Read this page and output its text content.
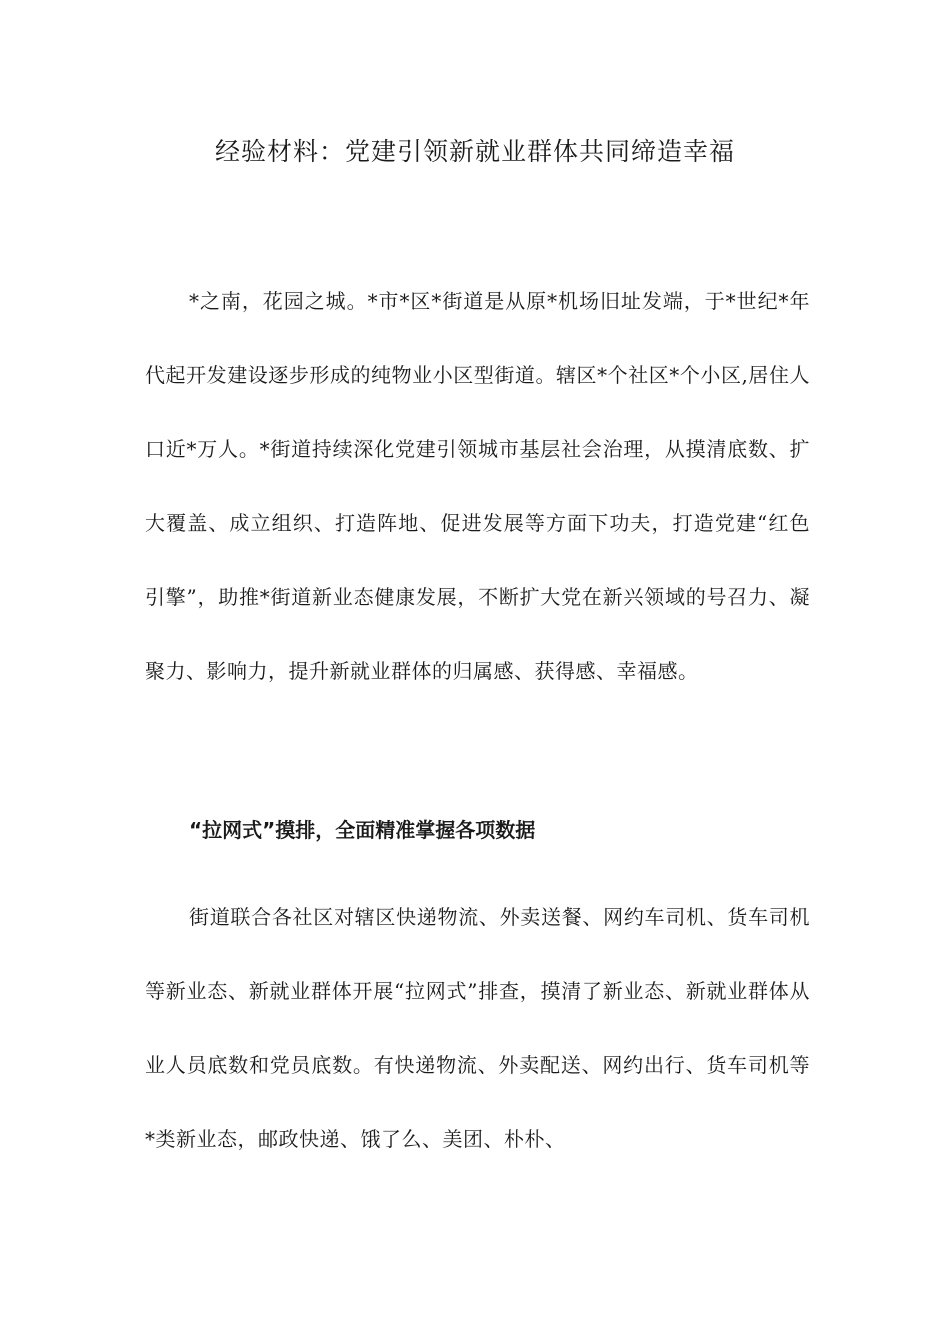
经验材料：党建引领新就业群体共同缔造幸福

*之南，花园之城。*市*区*街道是从原*机场旧址发端，于*世纪*年代起开发建设逐步形成的纯物业小区型街道。辖区*个社区*个小区,居住人口近*万人。*街道持续深化党建引领城市基层社会治理，从摸清底数、扩大覆盖、成立组织、打造阵地、促进发展等方面下功夫，打造党建“红色引擎”，助推*街道新业态健康发展，不断扩大党在新兴领域的号召力、凝聚力、影响力，提升新就业群体的归属感、获得感、幸福感。

“拉网式”摸排，全面精准掌握各项数据

街道联合各社区对辖区快递物流、外卖送餐、网约车司机、货车司机等新业态、新就业群体开展“拉网式”排查，摸清了新业态、新就业群体从业人员底数和党员底数。有快递物流、外卖配送、网约出行、货车司机等*类新业态，邮政快递、饿了么、美团、朴朴、
